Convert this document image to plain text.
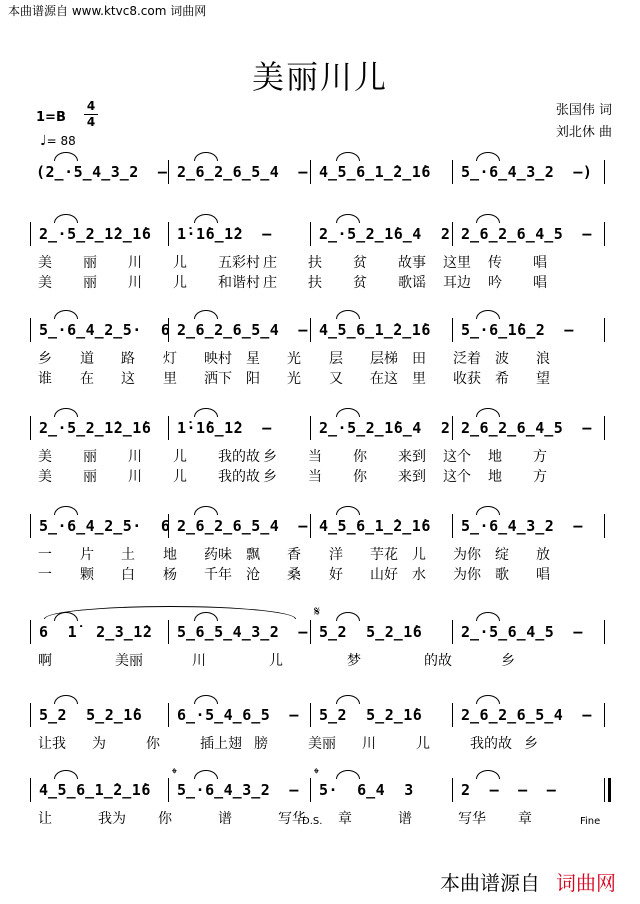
本曲谱源自 www.ktvc8.com 词曲网
美丽川儿
1=B
4
4
♩= 88
张国伟 词
刘北休 曲
(2̲·5̲4̲3̲2  – 2̲6̲2̲6̲5̲4  – 4̲5̲6̲1̲̇2̲1̇6	5̲·6̲4̲3̲2  –)
2̲·5̲2̲1̇2̲1̇6	1̇·1̇6̲1̇2  –	2̲·5̲2̲1̇6̲4  2 2̲6̲2̲6̲4̲5  –
美 丽 川 儿 五彩村 庄 扶 贫 故事 这里 传 唱
美 丽 川 儿 和谐村 庄 扶 贫 歌谣 耳边 吟 唱
5̲·6̲4̲2̲5·  6 2̲6̲2̲6̲5̲4  – 4̲5̲6̲1̲̇2̲1̇6	5̲·6̲1̇6̲2  –
乡 道 路 灯 映村 星 光 层 层梯 田 泛着 波 浪
谁 在 这 里 洒下 阳 光 又 在这 里 收获 希 望
2̲·5̲2̲1̇2̲1̇6	1̇·1̇6̲1̇2  –	2̲·5̲2̲1̇6̲4  2 2̲6̲2̲6̲4̲5  –
美 丽 川 儿 我的故 乡 当 你 来到 这个 地 方
美 丽 川 儿 我的故 乡 当 你 来到 这个 地 方
5̲·6̲4̲2̲5·  6 2̲6̲2̲6̲5̲4  – 4̲5̲6̲1̲̇2̲1̇6	5̲·6̲4̲3̲2  –
一 片 土 地 药味 飘 香 洋 芋花 儿 为你 绽 放
一 颗 白 杨 千年 沧 桑 好 山好 水 为你 歌 唱
6  1̇  2̲3̲1̇2	5̲6̲5̲4̲3̲2  – 5̲2  5̲2̲1̇6	2̲·5̲6̲4̲5  –
啊	美丽	川	儿	梦	的故	乡
5̲2  5̲2̲1̇6	6̲·5̲4̲6̲5  –	5̲2  5̲2̲1̇6	2̲6̲2̲6̲5̲4  –
让我 为	你	插上翅 膀	美丽 川	儿	我的故 乡
4̲5̲6̲1̲̇2̲1̇6	5̲·6̲4̲3̲2  –	5·  6̲4  3	2  –  –  –
让	我为 你	谱	写华 章	谱	写华 章
𝄋
𝄌	𝄌
D.S.	Fine
本曲谱源自 词曲网
